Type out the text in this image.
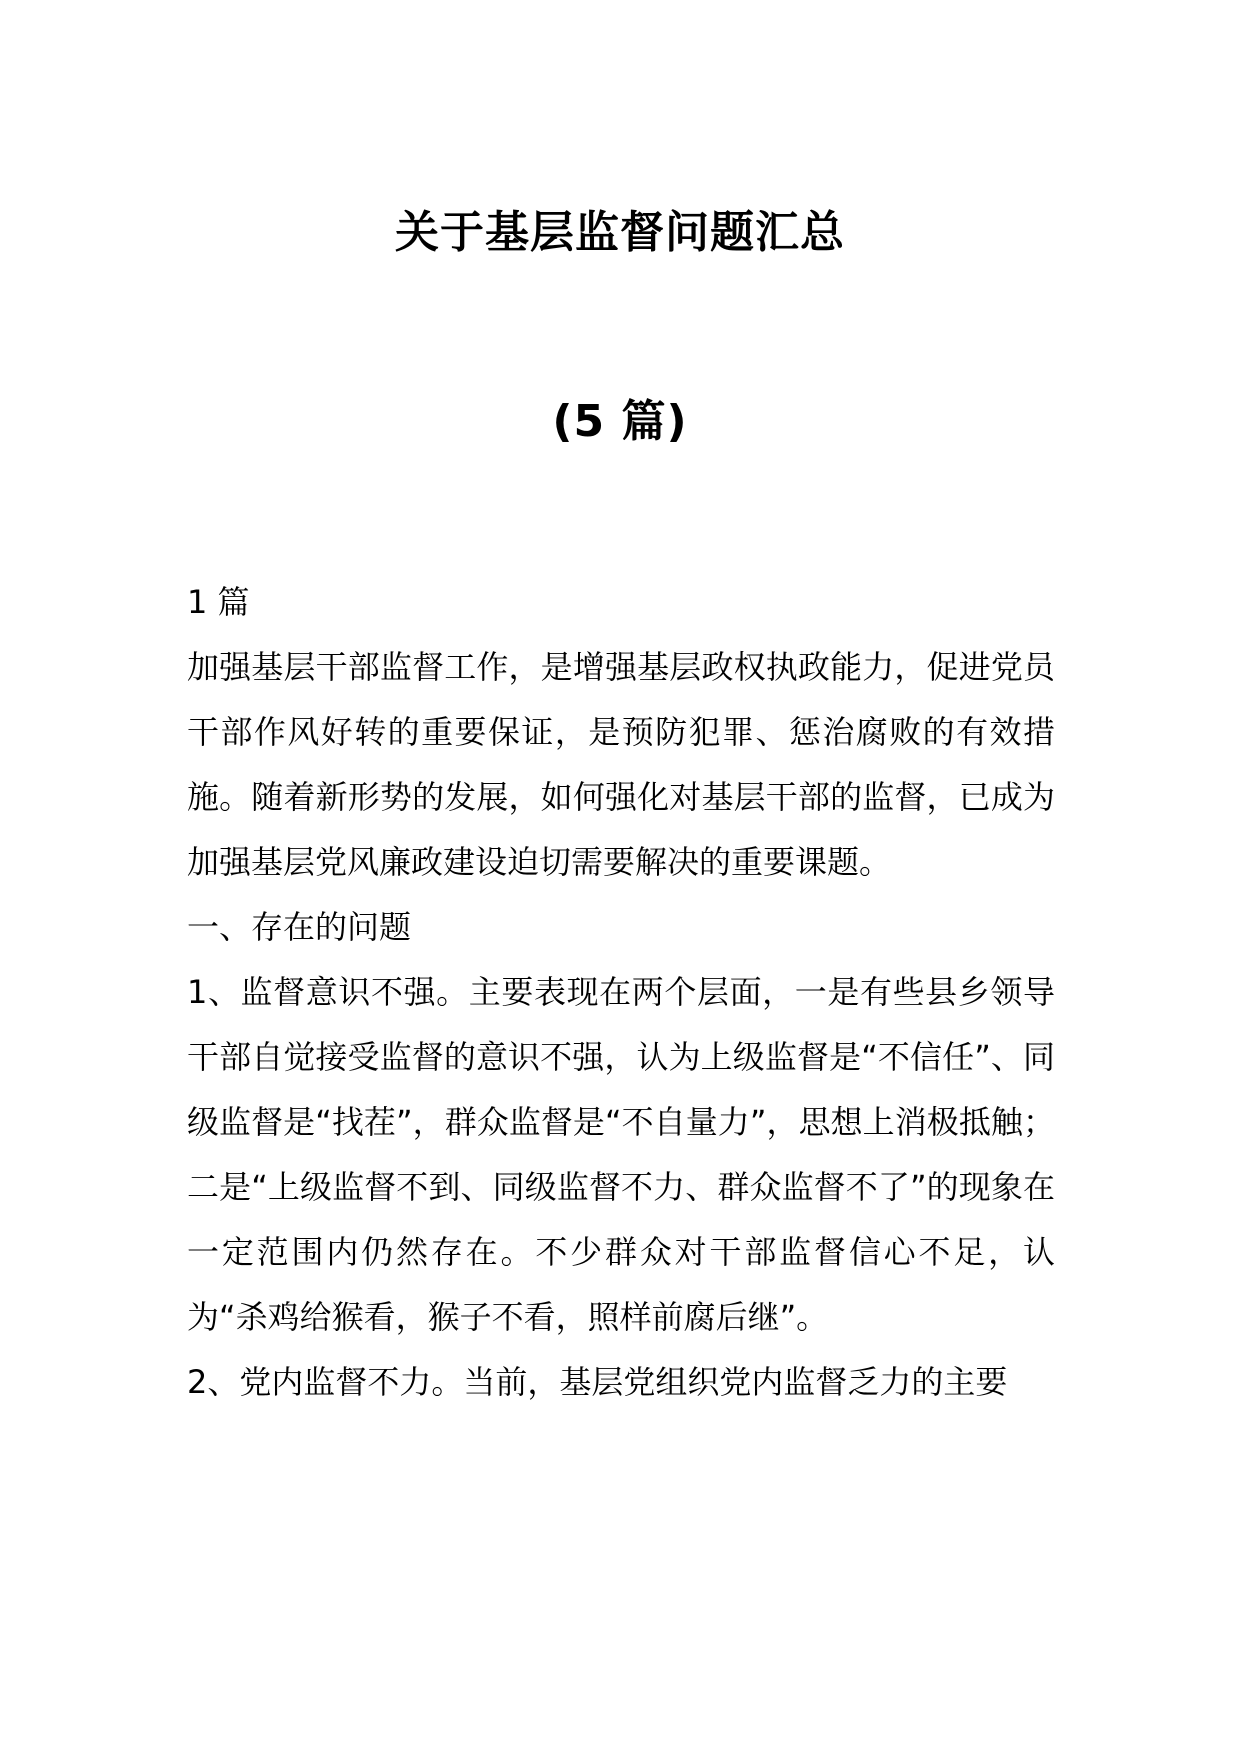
关于基层监督问题汇总
(5 篇)

1 篇

加强基层干部监督工作，是增强基层政权执政能力，促进党员干部作风好转的重要保证，是预防犯罪、惩治腐败的有效措施。随着新形势的发展，如何强化对基层干部的监督，已成为加强基层党风廉政建设迫切需要解决的重要课题。

一、存在的问题

1、监督意识不强。主要表现在两个层面，一是有些县乡领导干部自觉接受监督的意识不强，认为上级监督是“不信任”、同级监督是“找茬”，群众监督是“不自量力”，思想上消极抵触；二是“上级监督不到、同级监督不力、群众监督不了”的现象在一定范围内仍然存在。不少群众对干部监督信心不足，认为“杀鸡给猴看，猴子不看，照样前腐后继”。

2、党内监督不力。当前，基层党组织党内监督乏力的主要
